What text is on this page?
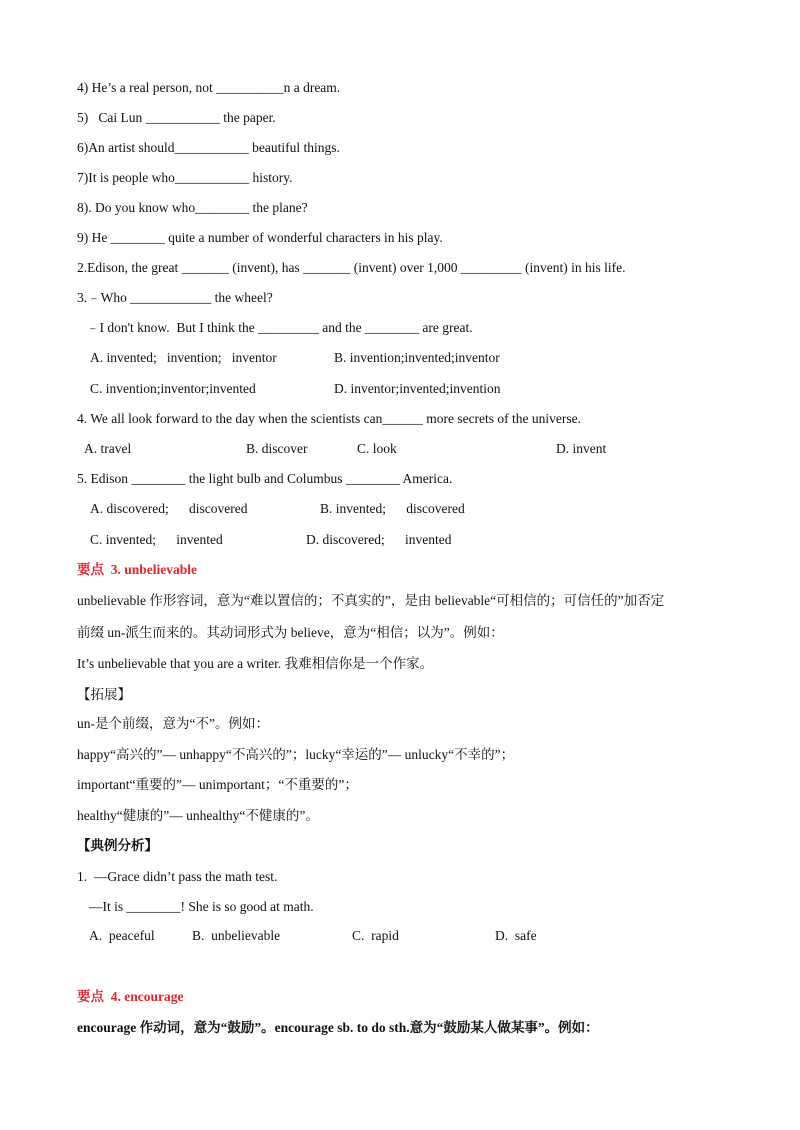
4) He’s a real person, not __________n a dream.
5)   Cai Lun ___________ the paper.
6)An artist should___________ beautiful things.
7)It is people who___________ history.
8). Do you know who________ the plane?
9) He ________ quite a number of wonderful characters in his play.
2.Edison, the great _______ (invent), has _______ (invent) over 1,000 _________ (invent) in his life.
3.﹣Who ____________ the wheel?
﹣I don't know.  But I think the _________ and the ________ are great.
A. invented;   invention;   inventor	B. invention;invented;inventor
C. invention;inventor;invented	D. inventor;invented;invention
4. We all look forward to the day when the scientists can______ more secrets of the universe.
A. travel	B. discover	C. look	D. invent
5. Edison ________ the light bulb and Columbus ________ America.
A. discovered;      discovered	B. invented;      discovered
C. invented;      invented	D. discovered;      invented
要点  3. unbelievable
unbelievable 作形容词，意为“难以置信的；不真实的”，是由 believable“可相信的；可信任的”加否定
前缀 un-派生而来的。其动词形式为 believe，意为“相信；以为”。例如：
It’s unbelievable that you are a writer. 我难相信你是一个作家。
【拓展】
un-是个前缀，意为“不”。例如：
happy“高兴的”— unhappy“不高兴的”；lucky“幸运的”— unlucky“不幸的”；
important“重要的”— unimportant；“不重要的”；
healthy“健康的”— unhealthy“不健康的”。
【典例分析】
1.  —Grace didn’t pass the math test.
—It is ________! She is so good at math.
A.  peaceful	B.  unbelievable	C.  rapid	D.  safe
要点  4. encourage
encourage 作动词，意为“鼓励”。encourage sb. to do sth.意为“鼓励某人做某事”。例如：
